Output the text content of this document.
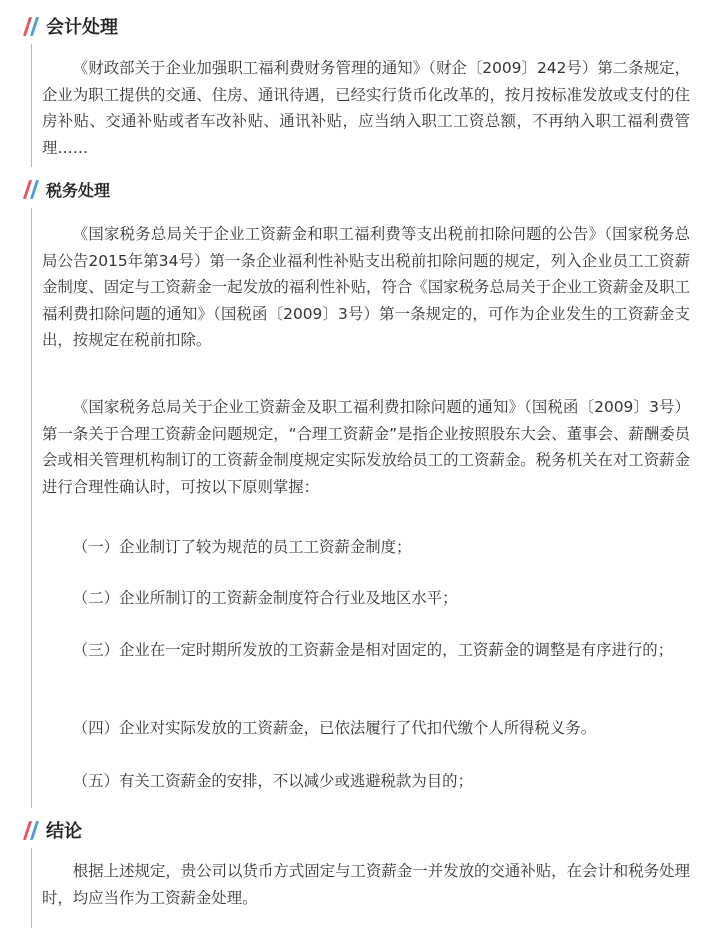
会计处理

《财政部关于企业加强职工福利费财务管理的通知》（财企〔2009〕242号）第二条规定，企业为职工提供的交通、住房、通讯待遇，已经实行货币化改革的，按月按标准发放或支付的住房补贴、交通补贴或者车改补贴、通讯补贴，应当纳入职工工资总额，不再纳入职工福利费管理……

税务处理

《国家税务总局关于企业工资薪金和职工福利费等支出税前扣除问题的公告》（国家税务总局公告2015年第34号）第一条企业福利性补贴支出税前扣除问题的规定，列入企业员工工资薪金制度、固定与工资薪金一起发放的福利性补贴，符合《国家税务总局关于企业工资薪金及职工福利费扣除问题的通知》（国税函〔2009〕3号）第一条规定的，可作为企业发生的工资薪金支出，按规定在税前扣除。

《国家税务总局关于企业工资薪金及职工福利费扣除问题的通知》（国税函〔2009〕3号）第一条关于合理工资薪金问题规定，“合理工资薪金”是指企业按照股东大会、董事会、薪酬委员会或相关管理机构制订的工资薪金制度规定实际发放给员工的工资薪金。税务机关在对工资薪金进行合理性确认时，可按以下原则掌握：

（一）企业制订了较为规范的员工工资薪金制度；

（二）企业所制订的工资薪金制度符合行业及地区水平；

（三）企业在一定时期所发放的工资薪金是相对固定的，工资薪金的调整是有序进行的；

（四）企业对实际发放的工资薪金，已依法履行了代扣代缴个人所得税义务。

（五）有关工资薪金的安排，不以减少或逃避税款为目的；

结论

根据上述规定，贵公司以货币方式固定与工资薪金一并发放的交通补贴，在会计和税务处理时，均应当作为工资薪金处理。
